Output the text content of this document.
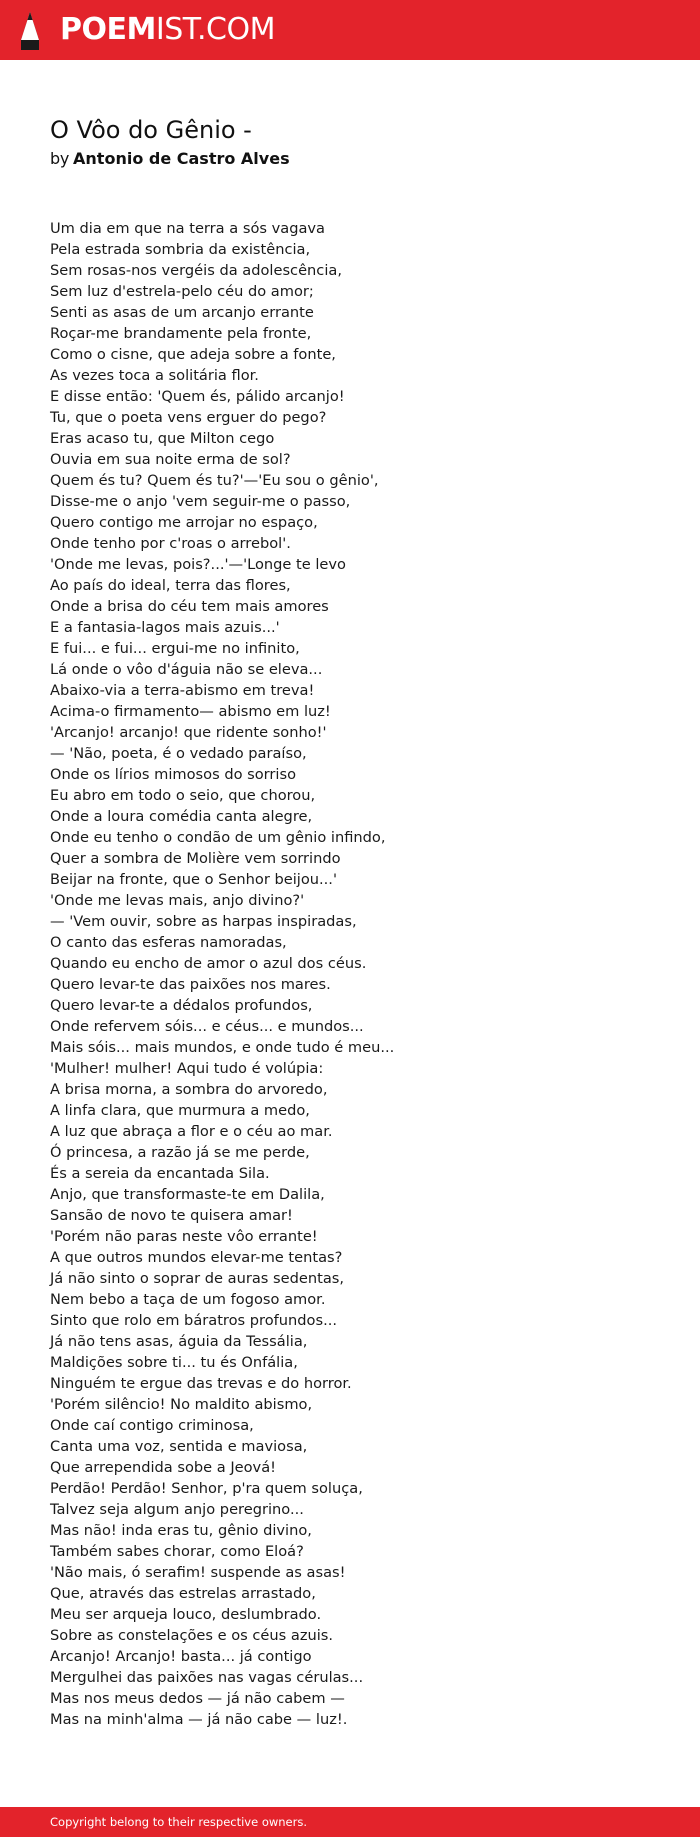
POEMIST.COM
O Vôo do Gênio -
by Antonio de Castro Alves
Um dia em que na terra a sós vagava
Pela estrada sombria da existência,
Sem rosas-nos vergéis da adolescência,
Sem luz d'estrela-pelo céu do amor;
Senti as asas de um arcanjo errante
Roçar-me brandamente pela fronte,
Como o cisne, que adeja sobre a fonte,
As vezes toca a solitária flor.
E disse então: 'Quem és, pálido arcanjo!
Tu, que o poeta vens erguer do pego?
Eras acaso tu, que Milton cego
Ouvia em sua noite erma de sol?
Quem és tu? Quem és tu?'—'Eu sou o gênio',
Disse-me o anjo 'vem seguir-me o passo,
Quero contigo me arrojar no espaço,
Onde tenho por c'roas o arrebol'.
'Onde me levas, pois?...'—'Longe te levo
Ao país do ideal, terra das flores,
Onde a brisa do céu tem mais amores
E a fantasia-lagos mais azuis...'
E fui... e fui... ergui-me no infinito,
Lá onde o vôo d'águia não se eleva...
Abaixo-via a terra-abismo em treva!
Acima-o firmamento— abismo em luz!
'Arcanjo! arcanjo! que ridente sonho!'
— 'Não, poeta, é o vedado paraíso,
Onde os lírios mimosos do sorriso
Eu abro em todo o seio, que chorou,
Onde a loura comédia canta alegre,
Onde eu tenho o condão de um gênio infindo,
Quer a sombra de Molière vem sorrindo
Beijar na fronte, que o Senhor beijou...'
'Onde me levas mais, anjo divino?'
— 'Vem ouvir, sobre as harpas inspiradas,
O canto das esferas namoradas,
Quando eu encho de amor o azul dos céus.
Quero levar-te das paixões nos mares.
Quero levar-te a dédalos profundos,
Onde refervem sóis... e céus... e mundos...
Mais sóis... mais mundos, e onde tudo é meu...
'Mulher! mulher! Aqui tudo é volúpia:
A brisa morna, a sombra do arvoredo,
A linfa clara, que murmura a medo,
A luz que abraça a flor e o céu ao mar.
Ó princesa, a razão já se me perde,
És a sereia da encantada Sila.
Anjo, que transformaste-te em Dalila,
Sansão de novo te quisera amar!
'Porém não paras neste vôo errante!
A que outros mundos elevar-me tentas?
Já não sinto o soprar de auras sedentas,
Nem bebo a taça de um fogoso amor.
Sinto que rolo em báratros profundos...
Já não tens asas, águia da Tessália,
Maldições sobre ti... tu és Onfália,
Ninguém te ergue das trevas e do horror.
'Porém silêncio! No maldito abismo,
Onde caí contigo criminosa,
Canta uma voz, sentida e maviosa,
Que arrependida sobe a Jeová!
Perdão! Perdão! Senhor, p'ra quem soluça,
Talvez seja algum anjo peregrino...
Mas não! inda eras tu, gênio divino,
Também sabes chorar, como Eloá?
'Não mais, ó serafim! suspende as asas!
Que, através das estrelas arrastado,
Meu ser arqueja louco, deslumbrado.
Sobre as constelações e os céus azuis.
Arcanjo! Arcanjo! basta... já contigo
Mergulhei das paixões nas vagas cérulas...
Mas nos meus dedos — já não cabem —
Mas na minh'alma — já não cabe — luz!.
Copyright belong to their respective owners.
